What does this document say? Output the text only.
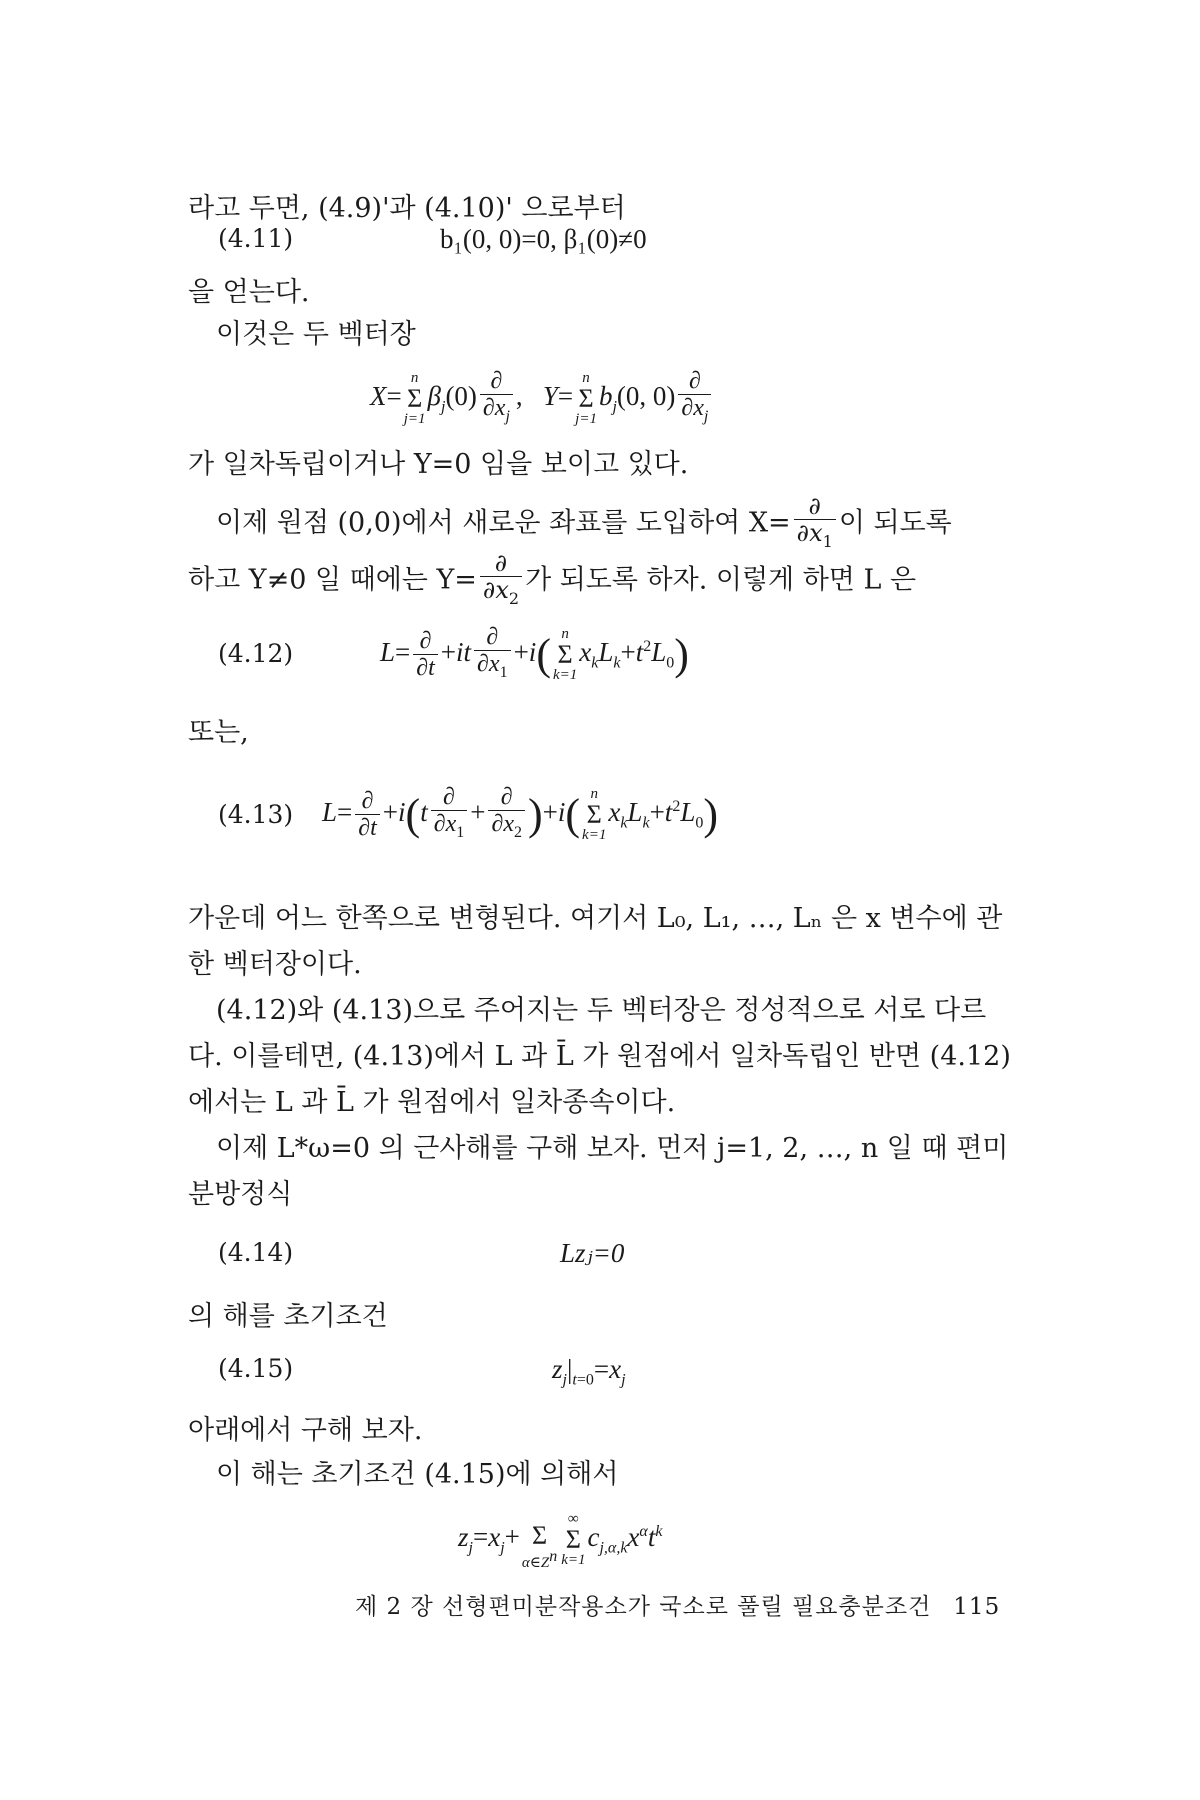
라고 두면, (4.9)'과 (4.10)' 으로부터
(4.11)	b₁(0, 0)=0, β₁(0)≠0
을 얻는다.
이것은 두 벡터장
X=
n
Σ
j=1
$\beta_j(0) \frac{\partial}{\partial x_j}$ ,   Y=
n
Σ
j=1
$b_j(0$, $0) \frac{\partial}{\partial x_j}$
가 일차독립이거나 Y=0 임을 보이고 있다.
이제 원점 (0,0)에서 새로운 좌표를 도입하여 $X= \frac{\partial}{\partial x_1}$ 이 되도록
하고 Y≠0 일 때에는 $Y= \frac{\partial}{\partial x_2}$ 가 되도록 하자. 이렇게 하면 L 은
(4.12)	$L= \frac{\partial}{\partial t} +it \frac{\partial}{\partial x_1} +i$( n
Σ
k=1
$x_kL_k+t^2L_0$)
또는,
(4.13) $L= \frac{\partial}{\partial t} +i(t \frac{\partial}{\partial x_1} + \frac{\partial}{\partial x_2} )+i$( n
Σ
k=1
$x_kL_k+t^2L_0$)
가운데 어느 한쪽으로 변형된다. 여기서 L₀, L₁, …, Lₙ 은 x 변수에 관
한 벡터장이다.
(4.12)와 (4.13)으로 주어지는 두 벡터장은 정성적으로 서로 다르
다. 이를테면, (4.13)에서 L 과 L̄ 가 원점에서 일차독립인 반면 (4.12)
에서는 L 과 L̄ 가 원점에서 일차종속이다.
이제 L*ω=0 의 근사해를 구해 보자. 먼저 j=1, 2, …, n 일 때 편미
분방정식
(4.14)	Lzⱼ=0
의 해를 초기조건
(4.15)	$z_j|_{t=0}=x_j$
아래에서 구해 보자.
이 해는 초기조건 (4.15)에 의해서
$z_j=x_j+$
Σ
$\alpha\in Z^n$
∞
Σ
k=1
$c_{j,\alpha,k}x^\alpha t^k$
제 2 장 선형편미분작용소가 국소로 풀릴 필요충분조건 115
